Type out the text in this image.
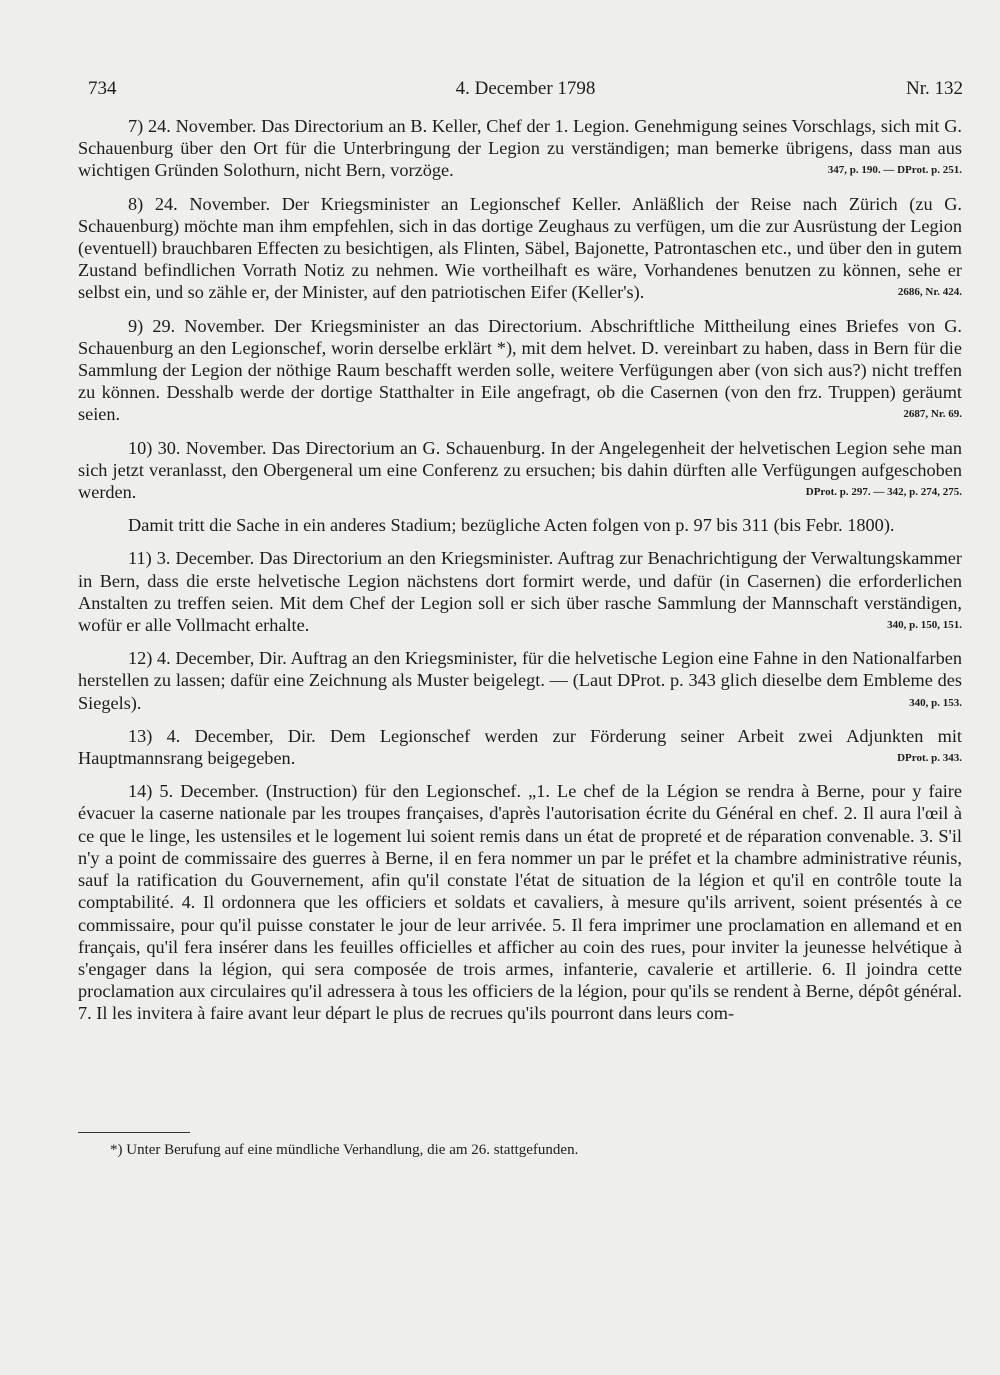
734	4. December 1798	Nr. 132

7) 24. November. Das Directorium an B. Keller, Chef der 1. Legion. Genehmigung seines Vorschlags, sich mit G. Schauenburg über den Ort für die Unterbringung der Legion zu verständigen; man bemerke übrigens, dass man aus wichtigen Gründen Solothurn, nicht Bern, vorzöge.	347, p. 190. — DProt. p. 251.

8) 24. November. Der Kriegsminister an Legionschef Keller. Anläßlich der Reise nach Zürich (zu G. Schauenburg) möchte man ihm empfehlen, sich in das dortige Zeughaus zu verfügen, um die zur Ausrüstung der Legion (eventuell) brauchbaren Effecten zu besichtigen, als Flinten, Säbel, Bajonette, Patrontaschen etc., und über den in gutem Zustand befindlichen Vorrath Notiz zu nehmen. Wie vortheilhaft es wäre, Vorhandenes benutzen zu können, sehe er selbst ein, und so zähle er, der Minister, auf den patriotischen Eifer (Keller's).	2686, Nr. 424.

9) 29. November. Der Kriegsminister an das Directorium. Abschriftliche Mittheilung eines Briefes von G. Schauenburg an den Legionschef, worin derselbe erklärt *), mit dem helvet. D. vereinbart zu haben, dass in Bern für die Sammlung der Legion der nöthige Raum beschafft werden solle, weitere Verfügungen aber (von sich aus?) nicht treffen zu können. Desshalb werde der dortige Statthalter in Eile angefragt, ob die Casernen (von den frz. Truppen) geräumt seien.	2687, Nr. 69.

10) 30. November. Das Directorium an G. Schauenburg. In der Angelegenheit der helvetischen Legion sehe man sich jetzt veranlasst, den Obergeneral um eine Conferenz zu ersuchen; bis dahin dürften alle Verfügungen aufgeschoben werden.	DProt. p. 297. — 342, p. 274, 275.

Damit tritt die Sache in ein anderes Stadium; bezügliche Acten folgen von p. 97 bis 311 (bis Febr. 1800).

11) 3. December. Das Directorium an den Kriegsminister. Auftrag zur Benachrichtigung der Verwaltungskammer in Bern, dass die erste helvetische Legion nächstens dort formirt werde, und dafür (in Casernen) die erforderlichen Anstalten zu treffen seien. Mit dem Chef der Legion soll er sich über rasche Sammlung der Mannschaft verständigen, wofür er alle Vollmacht erhalte.	340, p. 150, 151.

12) 4. December, Dir. Auftrag an den Kriegsminister, für die helvetische Legion eine Fahne in den Nationalfarben herstellen zu lassen; dafür eine Zeichnung als Muster beigelegt. — (Laut DProt. p. 343 glich dieselbe dem Embleme des Siegels).	340, p. 153.

13) 4. December, Dir. Dem Legionschef werden zur Förderung seiner Arbeit zwei Adjunkten mit Hauptmannsrang beigegeben.	DProt. p. 343.

14) 5. December. (Instruction) für den Legionschef. „1. Le chef de la Légion se rendra à Berne, pour y faire évacuer la caserne nationale par les troupes françaises, d'après l'autorisation écrite du Général en chef. 2. Il aura l'œil à ce que le linge, les ustensiles et le logement lui soient remis dans un état de propreté et de réparation convenable. 3. S'il n'y a point de commissaire des guerres à Berne, il en fera nommer un par le préfet et la chambre administrative réunis, sauf la ratification du Gouvernement, afin qu'il constate l'état de situation de la légion et qu'il en contrôle toute la comptabilité. 4. Il ordonnera que les officiers et soldats et cavaliers, à mesure qu'ils arrivent, soient présentés à ce commissaire, pour qu'il puisse constater le jour de leur arrivée. 5. Il fera imprimer une proclamation en allemand et en français, qu'il fera insérer dans les feuilles officielles et afficher au coin des rues, pour inviter la jeunesse helvétique à s'engager dans la légion, qui sera composée de trois armes, infanterie, cavalerie et artillerie. 6. Il joindra cette proclamation aux circulaires qu'il adressera à tous les officiers de la légion, pour qu'ils se rendent à Berne, dépôt général. 7. Il les invitera à faire avant leur départ le plus de recrues qu'ils pourront dans leurs com-

*) Unter Berufung auf eine mündliche Verhandlung, die am 26. stattgefunden.
